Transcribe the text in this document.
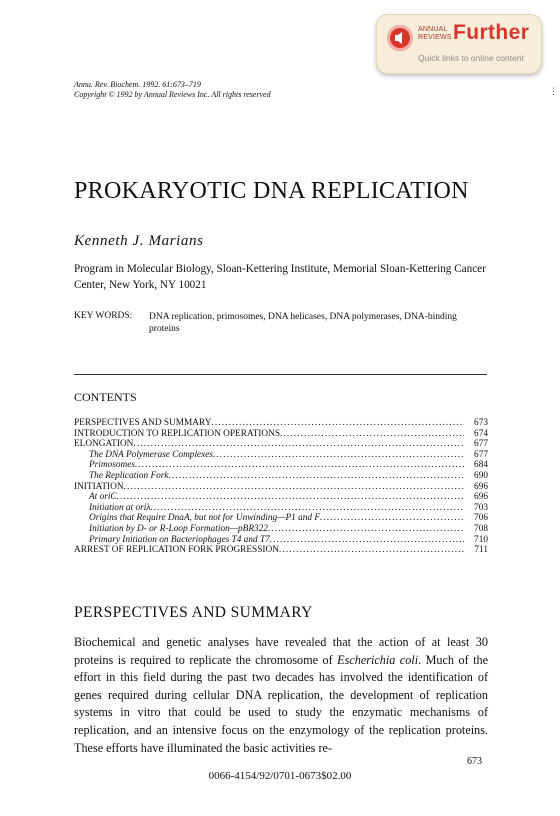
ANNUAL
REVIEWS Further
Quick links to online content
⋮
Annu. Rev. Biochem. 1992. 61:673–719
Copyright © 1992 by Annual Reviews Inc. All rights reserved
PROKARYOTIC DNA REPLICATION
Kenneth J. Marians
Program in Molecular Biology, Sloan-Kettering Institute, Memorial Sloan-Kettering Cancer Center, New York, NY 10021
KEY WORDS: DNA replication, primosomes, DNA helicases, DNA polymerases, DNA-binding proteins
CONTENTS
PERSPECTIVES AND SUMMARY . . .	673
INTRODUCTION TO REPLICATION OPERATIONS . . .	674
ELONGATION . . .	677
The DNA Polymerase Complexes . . .	677
Primosomes . . .	684
The Replication Fork . . .	690
INITIATION . . .	696
At oriC . . .	696
Initiation at oriλ . . .	703
Origins that Require DnaA, but not for Unwinding—P1 and F . . .	706
Initiation by D- or R-Loop Formation—pBR322 . . .	708
Primary Initiation on Bacteriophages T4 and T7 . . .	710
ARREST OF REPLICATION FORK PROGRESSION . . .	711
PERSPECTIVES AND SUMMARY
Biochemical and genetic analyses have revealed that the action of at least 30 proteins is required to replicate the chromosome of Escherichia coli. Much of the effort in this field during the past two decades has involved the identification of genes required during cellular DNA replication, the development of replication systems in vitro that could be used to study the enzymatic mechanisms of replication, and an intensive focus on the enzymology of the replication proteins. These efforts have illuminated the basic activities re-
673
0066-4154/92/0701-0673$02.00
